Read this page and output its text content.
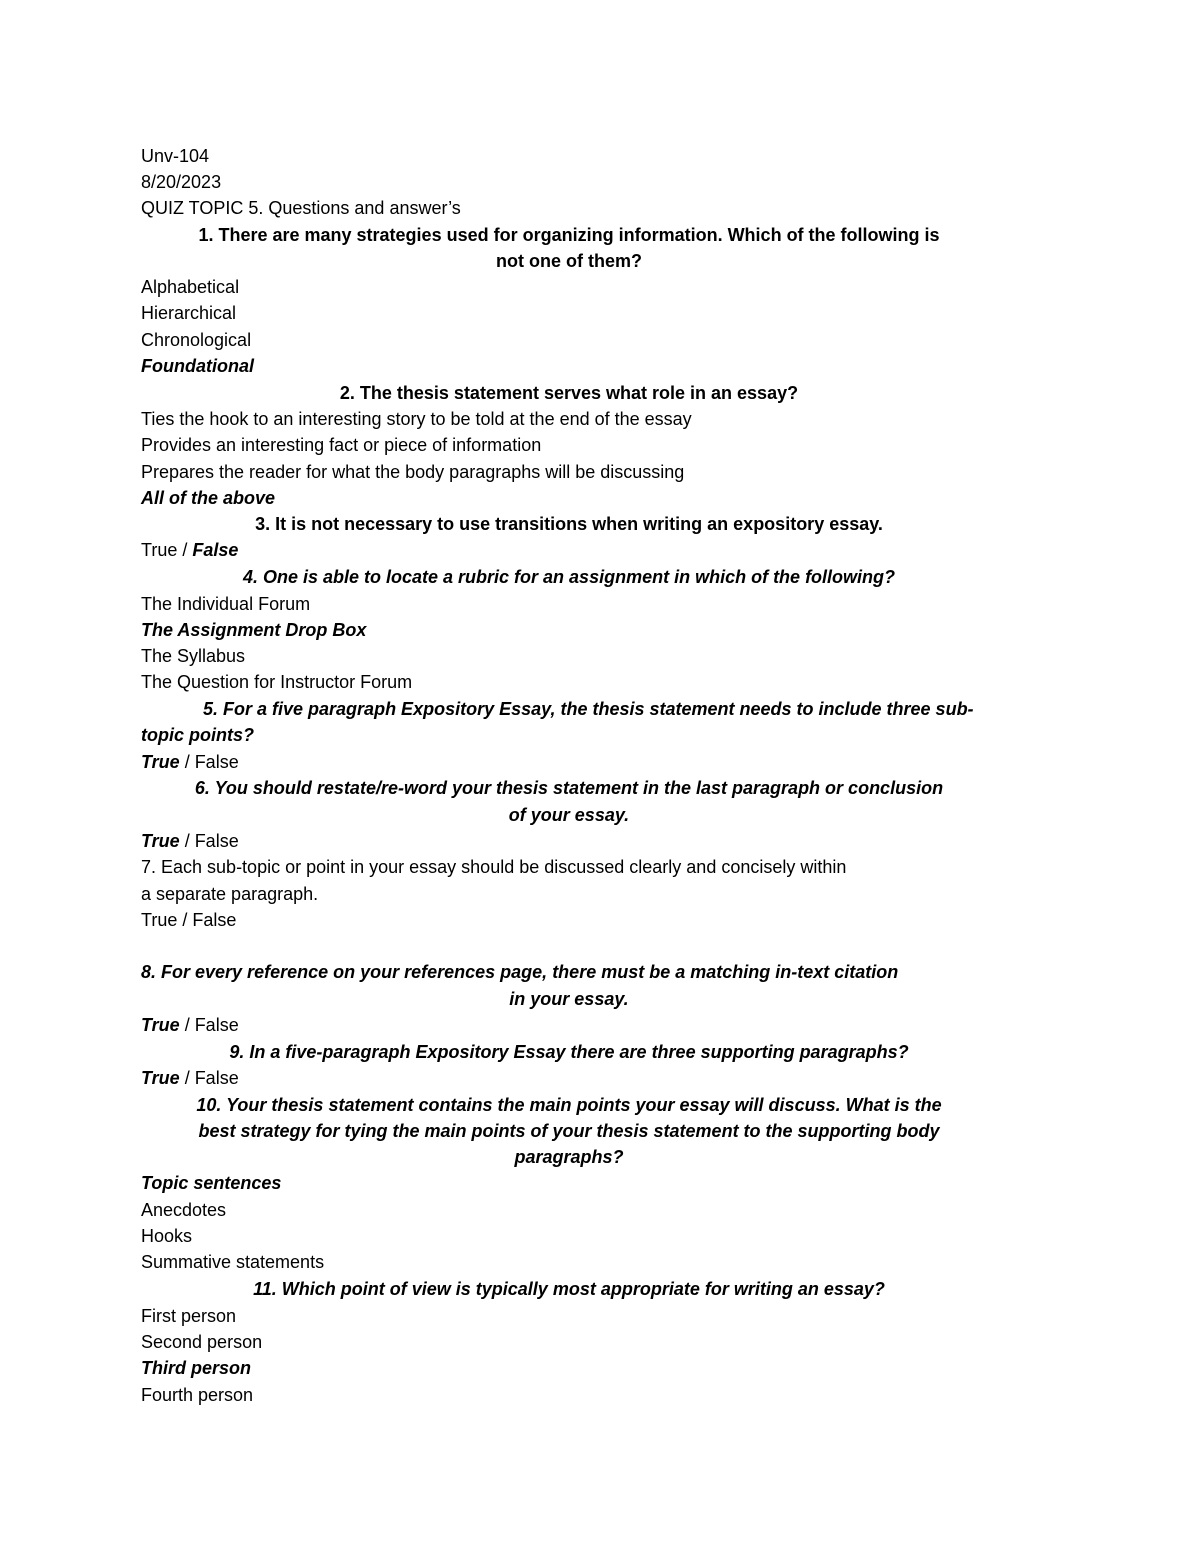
Unv-104
8/20/2023
QUIZ TOPIC 5. Questions and answer’s
1. There are many strategies used for organizing information. Which of the following is
not one of them?
Alphabetical
Hierarchical
Chronological
Foundational
2. The thesis statement serves what role in an essay?
Ties the hook to an interesting story to be told at the end of the essay
Provides an interesting fact or piece of information
Prepares the reader for what the body paragraphs will be discussing
All of the above
3. It is not necessary to use transitions when writing an expository essay.
True / False
4. One is able to locate a rubric for an assignment in which of the following?
The Individual Forum
The Assignment Drop Box
The Syllabus
The Question for Instructor Forum
5. For a five paragraph Expository Essay, the thesis statement needs to include three sub-
topic points?
True / False
6. You should restate/re-word your thesis statement in the last paragraph or conclusion
of your essay.
True / False
7. Each sub-topic or point in your essay should be discussed clearly and concisely within
a separate paragraph.
True / False
8. For every reference on your references page, there must be a matching in-text citation
in your essay.
True / False
9. In a five-paragraph Expository Essay there are three supporting paragraphs?
True / False
10. Your thesis statement contains the main points your essay will discuss. What is the
best strategy for tying the main points of your thesis statement to the supporting body
paragraphs?
Topic sentences
Anecdotes
Hooks
Summative statements
11. Which point of view is typically most appropriate for writing an essay?
First person
Second person
Third person
Fourth person
